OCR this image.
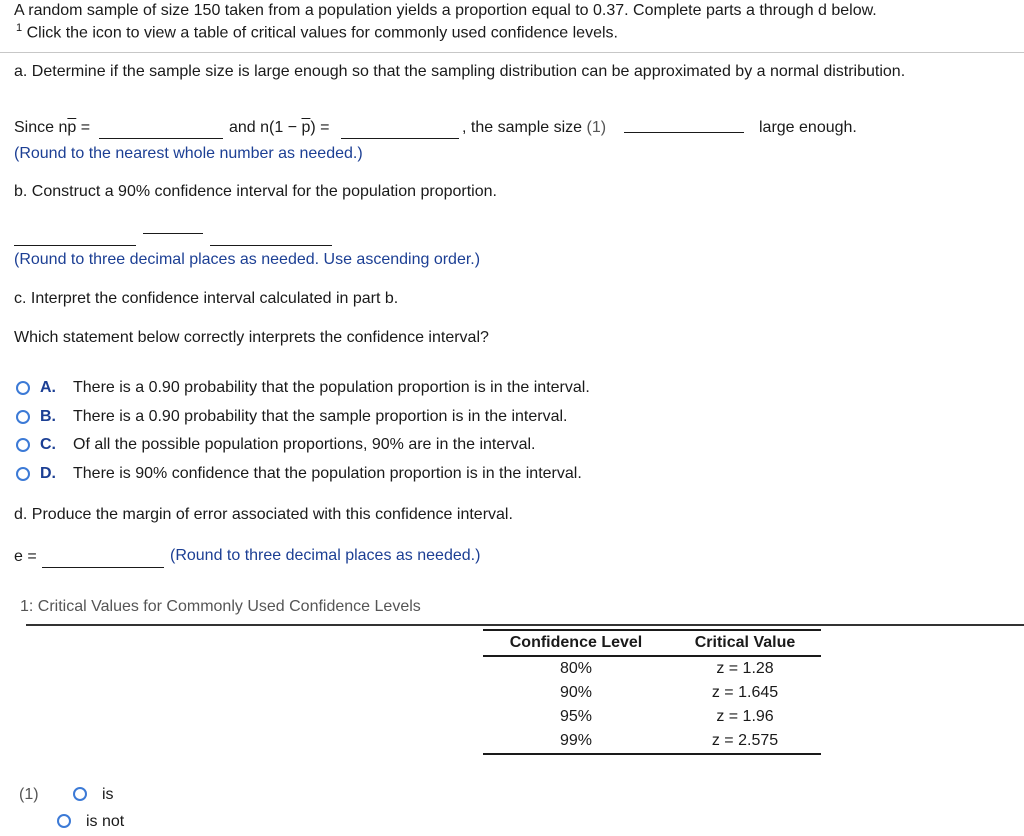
A random sample of size 150 taken from a population yields a proportion equal to 0.37. Complete parts a through d below.
$^1$ Click the icon to view a table of critical values for commonly used confidence levels.
a. Determine if the sample size is large enough so that the sampling distribution can be approximated by a normal distribution.
Since $n\overline{p}$ =	and $n(1 - \overline{p})$ =	, the sample size (1)	large enough.
(Round to the nearest whole number as needed.)
b. Construct a 90% confidence interval for the population proportion.
(Round to three decimal places as needed. Use ascending order.)
c. Interpret the confidence interval calculated in part b.
Which statement below correctly interprets the confidence interval?
A. There is a 0.90 probability that the population proportion is in the interval.
B. There is a 0.90 probability that the sample proportion is in the interval.
C. Of all the possible population proportions, 90% are in the interval.
D. There is 90% confidence that the population proportion is in the interval.
d. Produce the margin of error associated with this confidence interval.
e =	(Round to three decimal places as needed.)
1: Critical Values for Commonly Used Confidence Levels
Confidence Level	Critical Value
80%	z = 1.28
90%	z = 1.645
95%	z = 1.96
99%	z = 2.575
(1)	is
is not
